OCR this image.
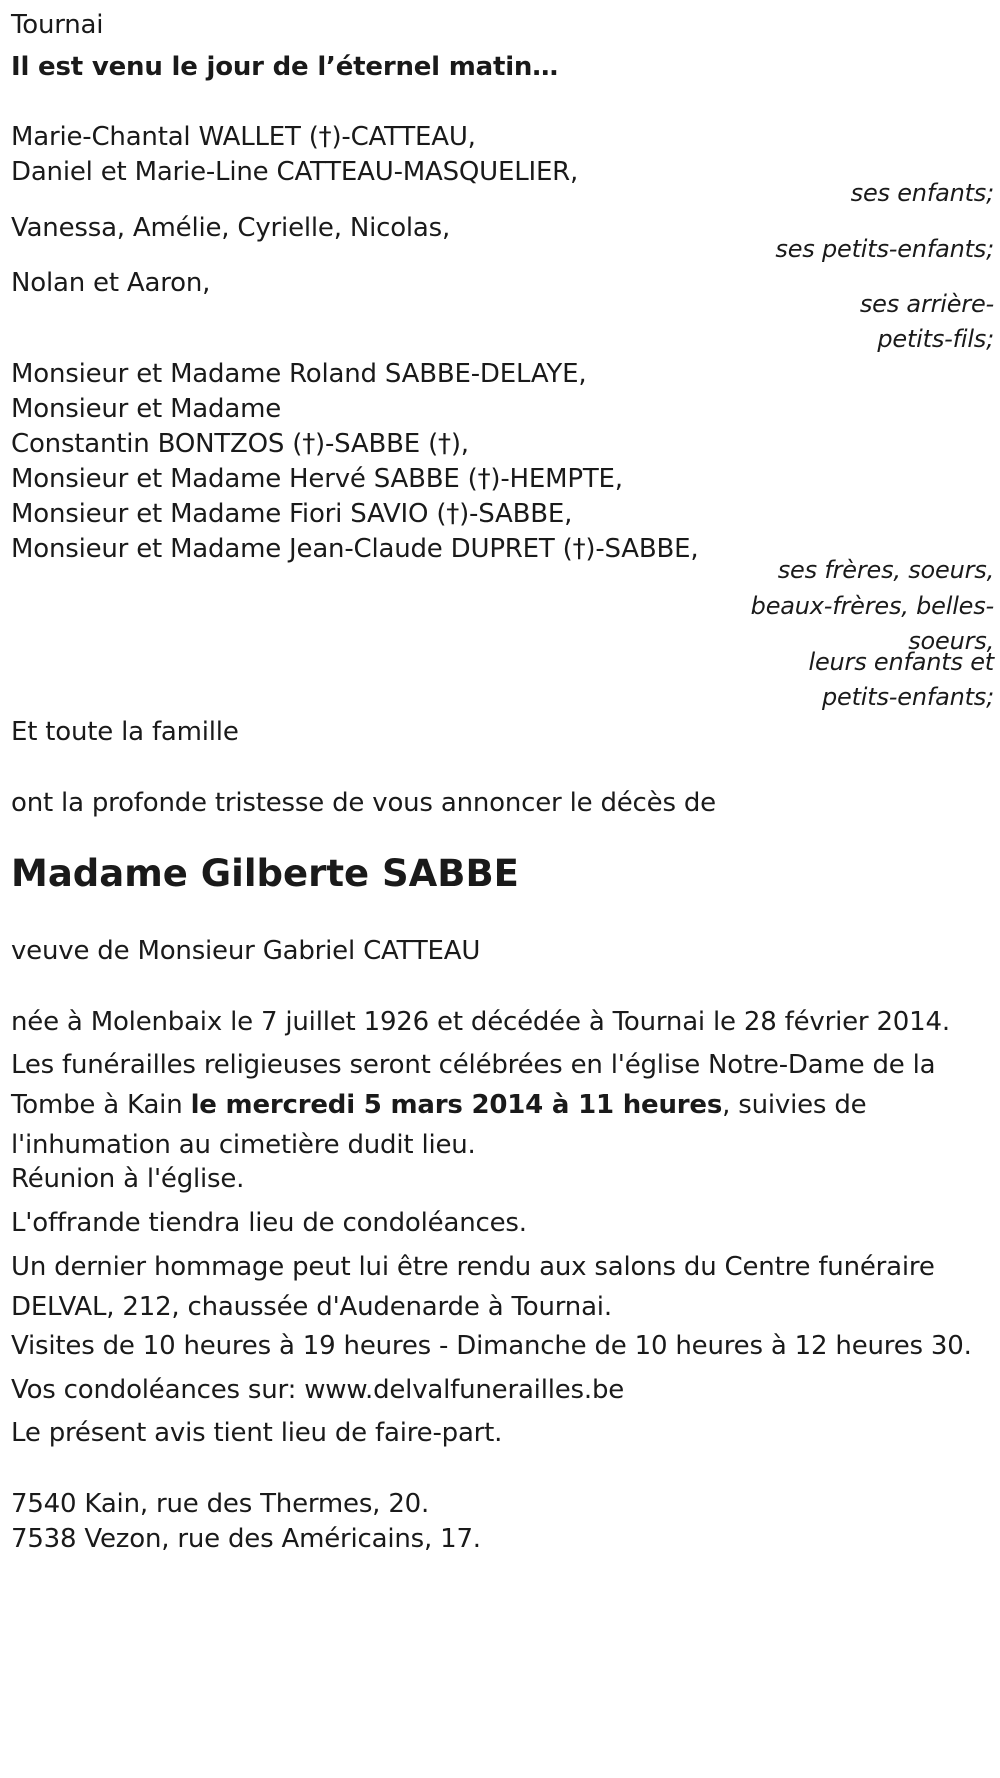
Tournai
Il est venu le jour de l’éternel matin…
Marie-Chantal WALLET (†)-CATTEAU,
Daniel et Marie-Line CATTEAU-MASQUELIER,
ses enfants;
Vanessa, Amélie, Cyrielle, Nicolas,
ses petits-enfants;
Nolan et Aaron,
ses arrière-
petits-fils;
Monsieur et Madame Roland SABBE-DELAYE,
Monsieur et Madame
Constantin BONTZOS (†)-SABBE (†),
Monsieur et Madame Hervé SABBE (†)-HEMPTE,
Monsieur et Madame Fiori SAVIO (†)-SABBE,
Monsieur et Madame Jean-Claude DUPRET (†)-SABBE,
ses frères, soeurs,
beaux-frères, belles-
soeurs,
leurs enfants et
petits-enfants;
Et toute la famille
ont la profonde tristesse de vous annoncer le décès de
Madame Gilberte SABBE
veuve de Monsieur Gabriel CATTEAU
née à Molenbaix le 7 juillet 1926 et décédée à Tournai le 28 février 2014.
Les funérailles religieuses seront célébrées en l'église Notre-Dame de la Tombe à Kain le mercredi 5 mars 2014 à 11 heures, suivies de l'inhumation au cimetière dudit lieu.
Réunion à l'église.
L'offrande tiendra lieu de condoléances.
Un dernier hommage peut lui être rendu aux salons du Centre funéraire DELVAL, 212, chaussée d'Audenarde à Tournai.
Visites de 10 heures à 19 heures - Dimanche de 10 heures à 12 heures 30.
Vos condoléances sur: www.delvalfunerailles.be
Le présent avis tient lieu de faire-part.
7540 Kain, rue des Thermes, 20.
7538 Vezon, rue des Américains, 17.
